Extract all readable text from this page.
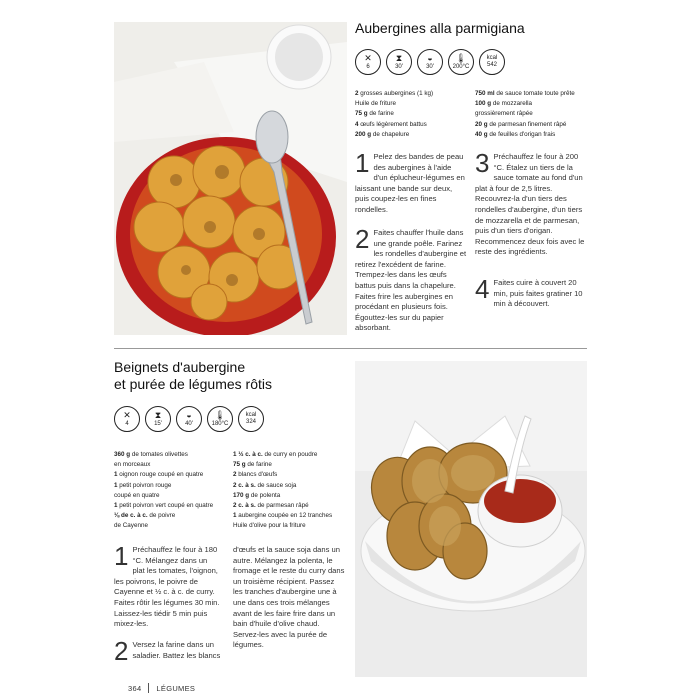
Aubergines alla parmigiana
✕
6
⧗
30'
◒
30'
🌡
200°C
kcal
542
2 grosses aubergines (1 kg)
Huile de friture
75 g de farine
4 œufs légèrement battus
200 g de chapelure
750 ml de sauce tomate toute prête
100 g de mozzarella
grossièrement râpée
20 g de parmesan finement râpé
40 g de feuilles d'origan frais
1 Pelez des bandes de peau des aubergines à l'aide d'un éplucheur-légumes en laissant une bande sur deux, puis coupez-les en fines rondelles.

2 Faites chauffer l'huile dans une grande poêle. Farinez les rondelles d'aubergine et retirez l'excédent de farine. Trempez-les dans les œufs battus puis dans la chapelure. Faites frire les aubergines en procédant en plusieurs fois. Égouttez-les sur du papier absorbant.

3 Préchauffez le four à 200 °C. Étalez un tiers de la sauce tomate au fond d'un plat à four de 2,5 litres. Recouvrez-la d'un tiers des rondelles d'aubergine, d'un tiers de mozzarella et de parmesan, puis d'un tiers d'origan. Recommencez deux fois avec le reste des ingrédients.

4 Faites cuire à couvert 20 min, puis faites gratiner 10 min à découvert.

Beignets d'aubergine
et purée de légumes rôtis
✕
4
⧗
15'
◒
40'
🌡
180°C
kcal
324
360 g de tomates olivettes
en morceaux
1 oignon rouge coupé en quatre
1 petit poivron rouge
coupé en quatre
1 petit poivron vert coupé en quatre
⅛ de c. à c. de poivre
de Cayenne
1 ½ c. à c. de curry en poudre
75 g de farine
2 blancs d'œufs
2 c. à s. de sauce soja
170 g de polenta
2 c. à s. de parmesan râpé
1 aubergine coupée en 12 tranches
Huile d'olive pour la friture
1 Préchauffez le four à 180 °C. Mélangez dans un plat les tomates, l'oignon, les poivrons, le poivre de Cayenne et ½ c. à c. de curry. Faites rôtir les légumes 30 min. Laissez-les tiédir 5 min puis mixez-les.

2 Versez la farine dans un saladier. Battez les blancs

d'œufs et la sauce soja dans un autre. Mélangez la polenta, le fromage et le reste du curry dans un troisième récipient. Passez les tranches d'aubergine une à une dans ces trois mélanges avant de les faire frire dans un bain d'huile d'olive chaud. Servez-les avec la purée de légumes.

364 LÉGUMES
